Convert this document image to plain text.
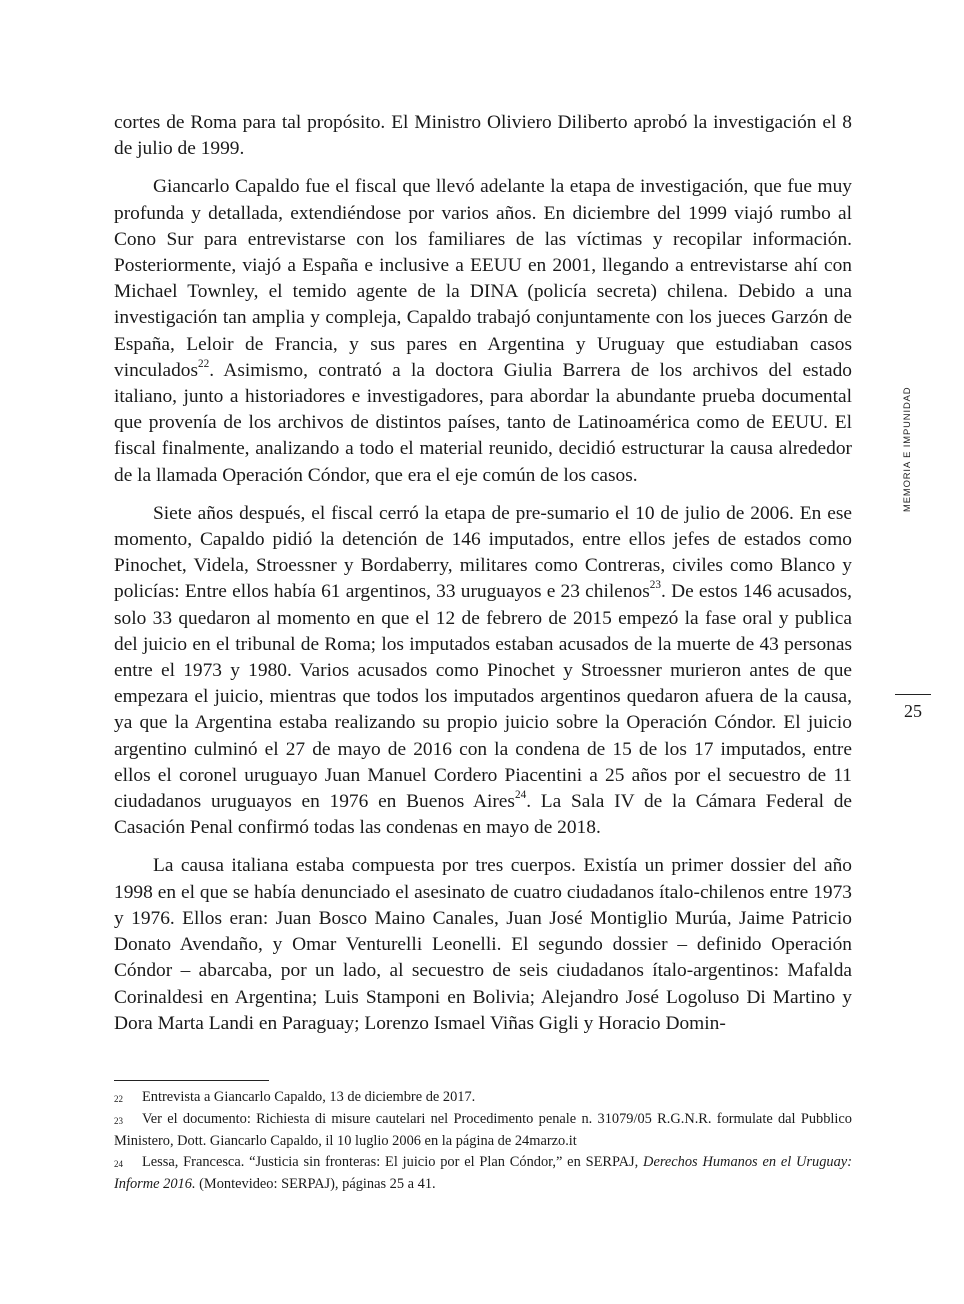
cortes de Roma para tal propósito. El Ministro Oliviero Diliberto aprobó la investigación el 8 de julio de 1999.

Giancarlo Capaldo fue el fiscal que llevó adelante la etapa de investigación, que fue muy profunda y detallada, extendiéndose por varios años. En diciembre del 1999 viajó rumbo al Cono Sur para entrevistarse con los familiares de las víctimas y recopilar información. Posteriormente, viajó a España e inclusive a EEUU en 2001, llegando a entrevistarse ahí con Michael Townley, el temido agente de la DINA (policía secreta) chilena. Debido a una investigación tan amplia y compleja, Capaldo trabajó conjuntamente con los jueces Garzón de España, Leloir de Francia, y sus pares en Argentina y Uruguay que estudiaban casos vinculados$^{22}$. Asimismo, contrató a la doctora Giulia Barrera de los archivos del estado italiano, junto a historiadores e investigadores, para abordar la abundante prueba documental que provenía de los archivos de distintos países, tanto de Latinoamérica como de EEUU. El fiscal finalmente, analizando a todo el material reunido, decidió estructurar la causa alrededor de la llamada Operación Cóndor, que era el eje común de los casos.

Siete años después, el fiscal cerró la etapa de pre-sumario el 10 de julio de 2006. En ese momento, Capaldo pidió la detención de 146 imputados, entre ellos jefes de estados como Pinochet, Videla, Stroessner y Bordaberry, militares como Contreras, civiles como Blanco y policías: Entre ellos había 61 argentinos, 33 uruguayos e 23 chilenos$^{23}$. De estos 146 acusados, solo 33 quedaron al momento en que el 12 de febrero de 2015 empezó la fase oral y publica del juicio en el tribunal de Roma; los imputados estaban acusados de la muerte de 43 personas entre el 1973 y 1980. Varios acusados como Pinochet y Stroessner murieron antes de que empezara el juicio, mientras que todos los imputados argentinos quedaron afuera de la causa, ya que la Argentina estaba realizando su propio juicio sobre la Operación Cóndor. El juicio argentino culminó el 27 de mayo de 2016 con la condena de 15 de los 17 imputados, entre ellos el coronel uruguayo Juan Manuel Cordero Piacentini a 25 años por el secuestro de 11 ciudadanos uruguayos en 1976 en Buenos Aires$^{24}$. La Sala IV de la Cámara Federal de Casación Penal confirmó todas las condenas en mayo de 2018.

La causa italiana estaba compuesta por tres cuerpos. Existía un primer dossier del año 1998 en el que se había denunciado el asesinato de cuatro ciudadanos ítalo-chilenos entre 1973 y 1976. Ellos eran: Juan Bosco Maino Canales, Juan José Montiglio Murúa, Jaime Patricio Donato Avendaño, y Omar Venturelli Leonelli. El segundo dossier – definido Operación Cóndor – abarcaba, por un lado, al secuestro de seis ciudadanos ítalo-argentinos: Mafalda Corinaldesi en Argentina; Luis Stamponi en Bolivia; Alejandro José Logoluso Di Martino y Dora Marta Landi en Paraguay; Lorenzo Ismael Viñas Gigli y Horacio Domin-

MEMORIA E IMPUNIDAD
25

22 Entrevista a Giancarlo Capaldo, 13 de diciembre de 2017.

23 Ver el documento: Richiesta di misure cautelari nel Procedimento penale n. 31079/05 R.G.N.R. formulate dal Pubblico Ministero, Dott. Giancarlo Capaldo, il 10 luglio 2006 en la página de 24marzo.it

24 Lessa, Francesca. “Justicia sin fronteras: El juicio por el Plan Cóndor,” en SERPAJ, Derechos Humanos en el Uruguay: Informe 2016. (Montevideo: SERPAJ), páginas 25 a 41.
